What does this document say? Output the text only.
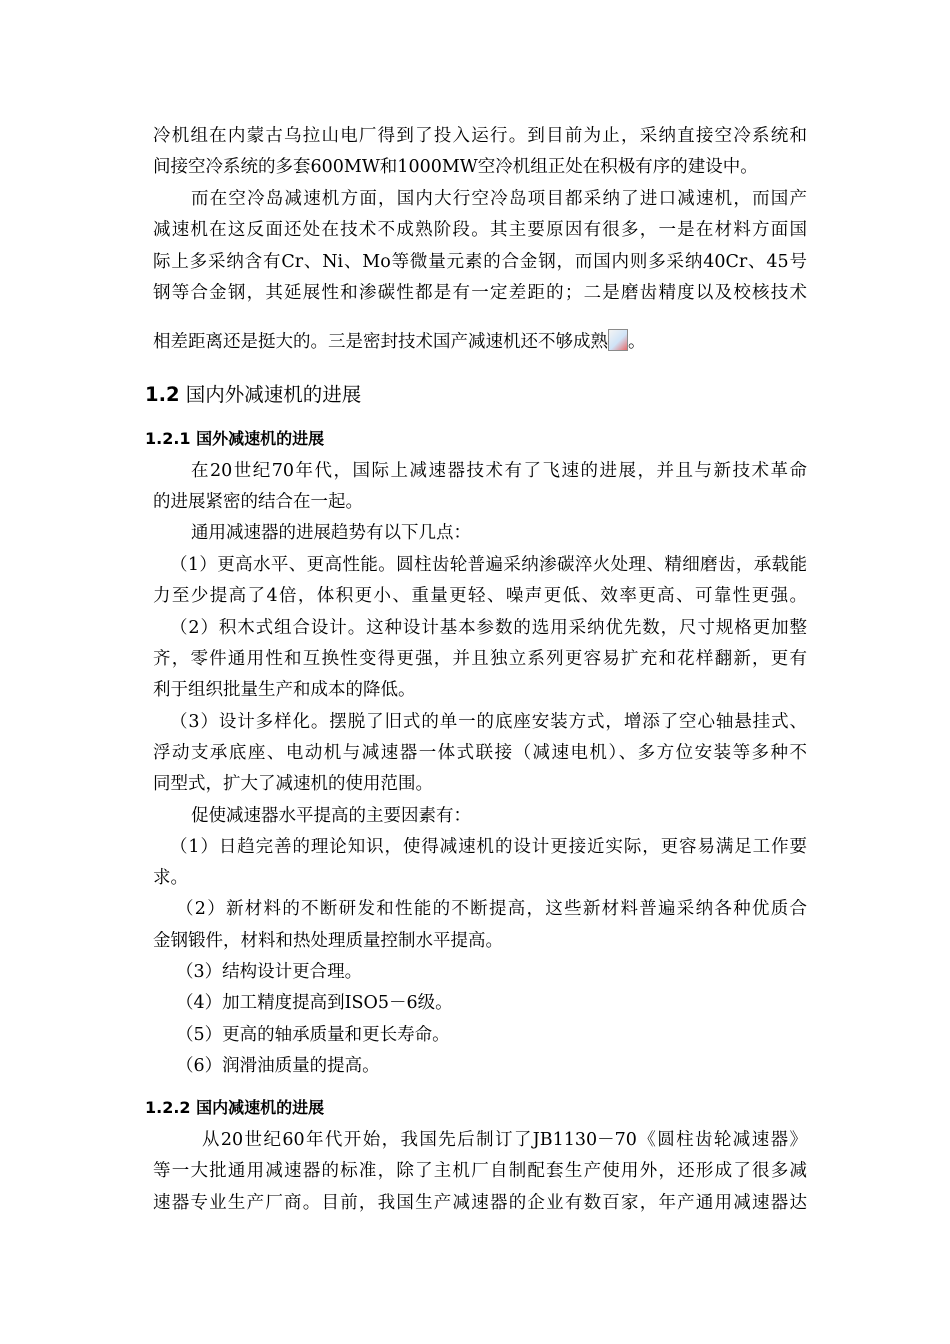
冷机组在内蒙古乌拉山电厂得到了投入运行。到目前为止，采纳直接空冷系统和
间接空冷系统的多套600MW和1000MW空冷机组正处在积极有序的建设中。
而在空冷岛减速机方面，国内大行空冷岛项目都采纳了进口减速机，而国产
减速机在这反面还处在技术不成熟阶段。其主要原因有很多，一是在材料方面国
际上多采纳含有Cr、Ni、Mo等微量元素的合金钢，而国内则多采纳40Cr、45号
钢等合金钢，其延展性和渗碳性都是有一定差距的；二是磨齿精度以及校核技术
相差距离还是挺大的。三是密封技术国产减速机还不够成熟 。
1.2 国内外减速机的进展
1.2.1 国外减速机的进展
在20世纪70年代，国际上减速器技术有了飞速的进展，并且与新技术革命
的进展紧密的结合在一起。
通用减速器的进展趋势有以下几点：
（1）更高水平、更高性能。圆柱齿轮普遍采纳渗碳淬火处理、精细磨齿，承载能
力至少提高了4倍，体积更小、重量更轻、噪声更低、效率更高、可靠性更强。
（2）积木式组合设计。这种设计基本参数的选用采纳优先数，尺寸规格更加整
齐，零件通用性和互换性变得更强，并且独立系列更容易扩充和花样翻新，更有
利于组织批量生产和成本的降低。
（3）设计多样化。摆脱了旧式的单一的底座安装方式，增添了空心轴悬挂式、
浮动支承底座、电动机与减速器一体式联接（减速电机）、多方位安装等多种不
同型式，扩大了减速机的使用范围。
促使减速器水平提高的主要因素有：
（1）日趋完善的理论知识，使得减速机的设计更接近实际，更容易满足工作要
求。
（2）新材料的不断研发和性能的不断提高，这些新材料普遍采纳各种优质合
金钢锻件，材料和热处理质量控制水平提高。
（3）结构设计更合理。
（4）加工精度提高到ISO5－6级。
（5）更高的轴承质量和更长寿命。
（6）润滑油质量的提高。
1.2.2 国内减速机的进展
从20世纪60年代开始，我国先后制订了JB1130－70《圆柱齿轮减速器》
等一大批通用减速器的标准，除了主机厂自制配套生产使用外，还形成了很多减
速器专业生产厂商。目前，我国生产减速器的企业有数百家，年产通用减速器达
